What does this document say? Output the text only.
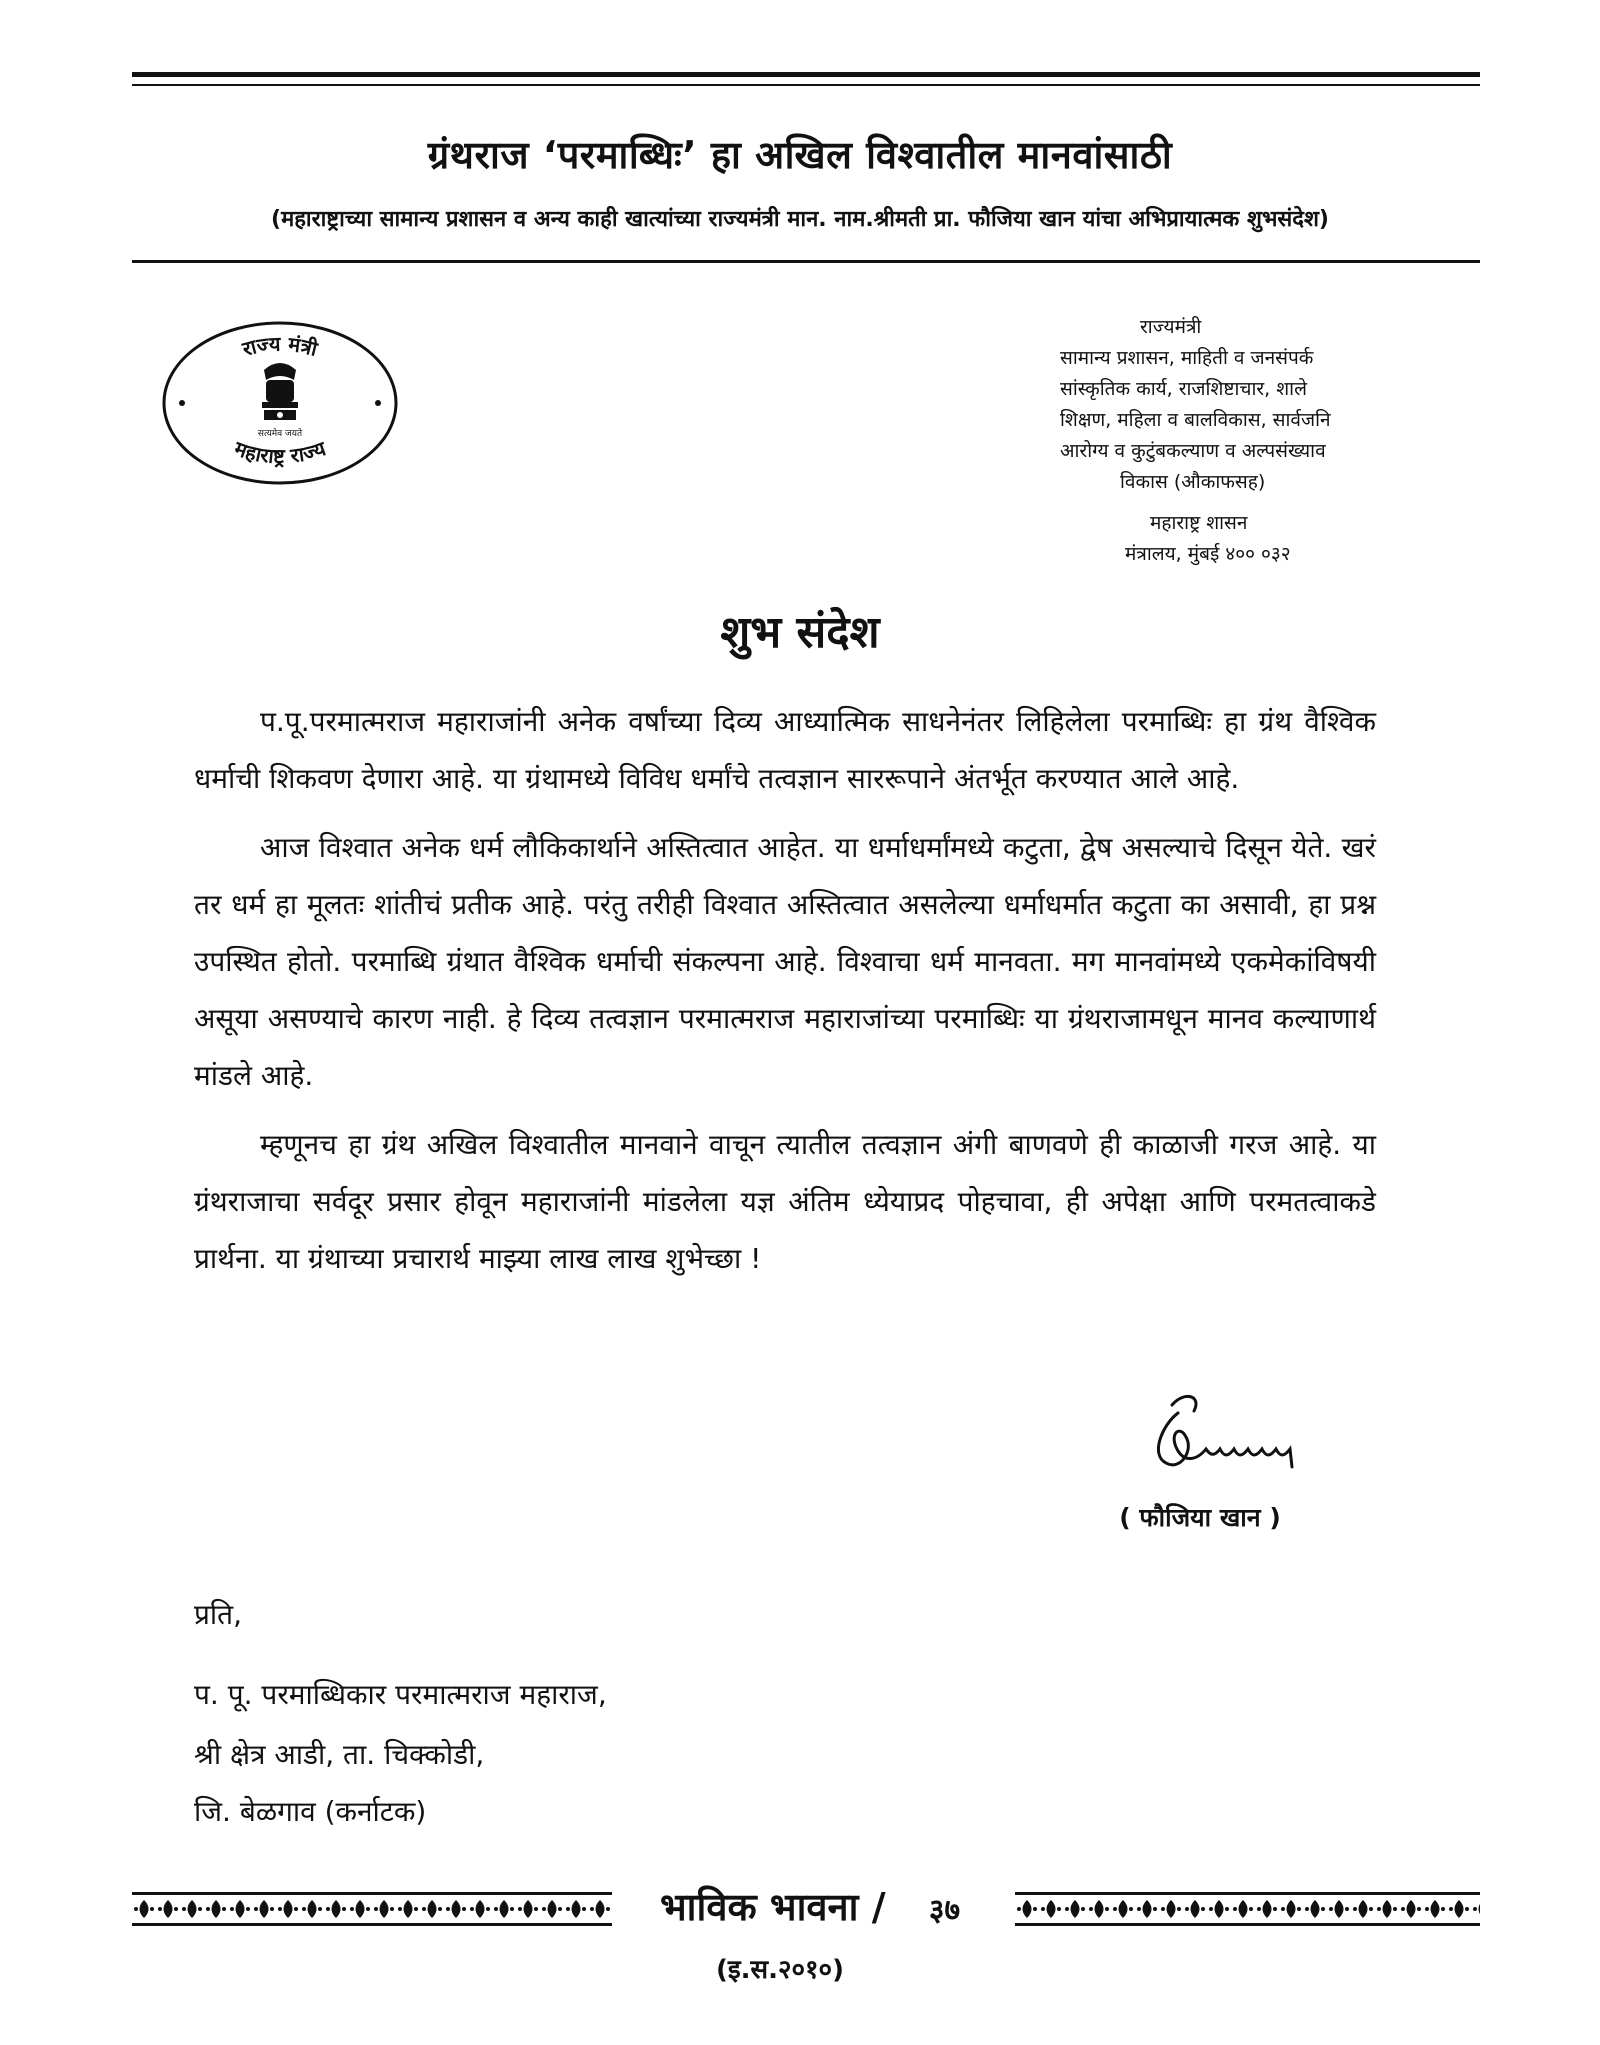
ग्रंथराज ‘परमाब्धिः’ हा अखिल विश्वातील मानवांसाठी
(महाराष्ट्राच्या सामान्य प्रशासन व अन्य काही खात्यांच्या राज्यमंत्री मान. नाम.श्रीमती प्रा. फौजिया खान यांचा अभिप्रायात्मक शुभसंदेश)
राज्य मंत्री
महाराष्ट्र राज्य
सत्यमेव जयते
राज्यमंत्री
सामान्य प्रशासन, माहिती व जनसंपर्क
सांस्कृतिक कार्य, राजशिष्टाचार, शाले
शिक्षण, महिला व बालविकास, सार्वजनि
आरोग्य व कुटुंबकल्याण व अल्पसंख्याव
विकास (औकाफसह)
महाराष्ट्र शासन
मंत्रालय, मुंबई ४०० ०३२
शुभ संदेश

प.पू.परमात्मराज महाराजांनी अनेक वर्षांच्या दिव्य आध्यात्मिक साधनेनंतर लिहिलेला परमाब्धिः हा ग्रंथ वैश्विक धर्माची शिकवण देणारा आहे. या ग्रंथामध्ये विविध धर्मांचे तत्वज्ञान साररूपाने अंतर्भूत करण्यात आले आहे.

आज विश्वात अनेक धर्म लौकिकार्थाने अस्तित्वात आहेत. या धर्माधर्मांमध्ये कटुता, द्वेष असल्याचे दिसून येते. खरं तर धर्म हा मूलतः शांतीचं प्रतीक आहे. परंतु तरीही विश्वात अस्तित्वात असलेल्या धर्माधर्मात कटुता का असावी, हा प्रश्न उपस्थित होतो. परमाब्धि ग्रंथात वैश्विक धर्माची संकल्पना आहे. विश्वाचा धर्म मानवता. मग मानवांमध्ये एकमेकांविषयी असूया असण्याचे कारण नाही. हे दिव्य तत्वज्ञान परमात्मराज महाराजांच्या परमाब्धिः या ग्रंथराजामधून मानव कल्याणार्थ मांडले आहे.

म्हणूनच हा ग्रंथ अखिल विश्वातील मानवाने वाचून त्यातील तत्वज्ञान अंगी बाणवणे ही काळाजी गरज आहे. या ग्रंथराजाचा सर्वदूर प्रसार होवून महाराजांनी मांडलेला यज्ञ अंतिम ध्येयाप्रद पोहचावा, ही अपेक्षा आणि परमतत्वाकडे प्रार्थना. या ग्रंथाच्या प्रचारार्थ माझ्या लाख लाख शुभेच्छा !

( फौजिया खान )
प्रति,
प. पू. परमाब्धिकार परमात्मराज महाराज,
श्री क्षेत्र आडी, ता. चिक्कोडी,
जि. बेळगाव (कर्नाटक)
भाविक भावना / ३७
(इ.स.२०१०)
